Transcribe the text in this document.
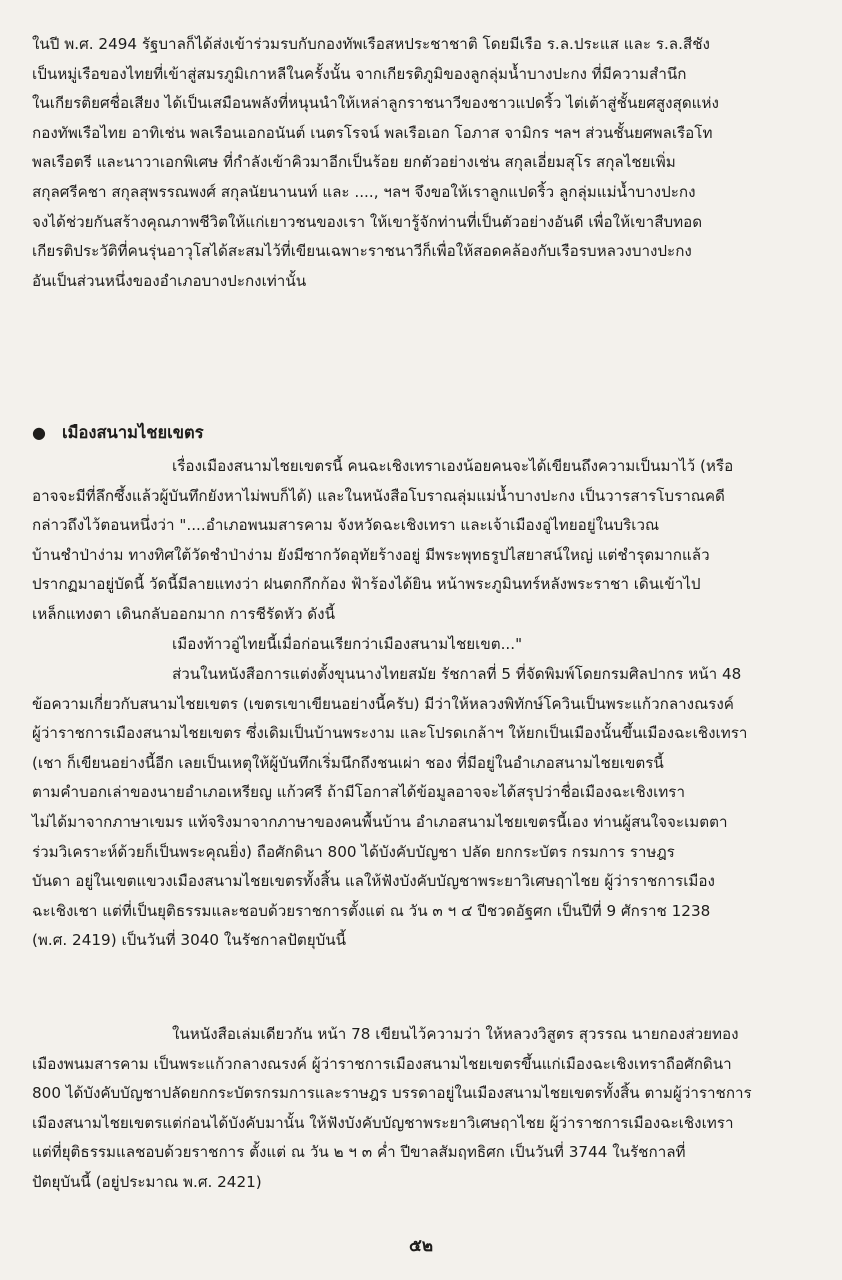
ในปี พ.ศ. 2494 รัฐบาลก็ได้ส่งเข้าร่วมรบกับกองทัพเรือสหประชาชาติ โดยมีเรือ ร.ล.ประแส และ ร.ล.สีชัง
เป็นหมู่เรือของไทยที่เข้าสู่สมรภูมิเกาหลีในครั้งนั้น จากเกียรติภูมิของลูกลุ่มน้ำบางปะกง ที่มีความสำนึก
ในเกียรติยศชื่อเสียง ได้เป็นเสมือนพลังที่หนุนนำให้เหล่าลูกราชนาวีของชาวแปดริ้ว ไต่เต้าสู่ชั้นยศสูงสุดแห่ง
กองทัพเรือไทย อาทิเช่น พลเรือนเอกอนันต์ เนตรโรจน์ พลเรือเอก โอภาส จามิกร ฯลฯ ส่วนชั้นยศพลเรือโท
พลเรือตรี และนาวาเอกพิเศษ ที่กำลังเข้าคิวมาอีกเป็นร้อย ยกตัวอย่างเช่น สกุลเอี่ยมสุโร สกุลไชยเพิ่ม
สกุลศรีคชา สกุลสุพรรณพงศ์ สกุลนัยนานนท์ และ ...., ฯลฯ จึงขอให้เราลูกแปดริ้ว ลูกลุ่มแม่น้ำบางปะกง
จงได้ช่วยกันสร้างคุณภาพชีวิตให้แก่เยาวชนของเรา ให้เขารู้จักท่านที่เป็นตัวอย่างอันดี เพื่อให้เขาสืบทอด
เกียรติประวัติที่คนรุ่นอาวุโสได้สะสมไว้ที่เขียนเฉพาะราชนาวีก็เพื่อให้สอดคล้องกับเรือรบหลวงบางปะกง
อันเป็นส่วนหนึ่งของอำเภอบางปะกงเท่านั้น
● เมืองสนามไชยเขตร
เรื่องเมืองสนามไชยเขตรนี้ คนฉะเชิงเทราเองน้อยคนจะได้เขียนถึงความเป็นมาไว้ (หรือ
อาจจะมีที่ลึกซึ้งแล้วผู้บันทึกยังหาไม่พบก็ได้) และในหนังสือโบราณลุ่มแม่น้ำบางปะกง เป็นวารสารโบราณคดี
กล่าวถึงไว้ตอนหนึ่งว่า "....อำเภอพนมสารคาม จังหวัดฉะเชิงเทรา และเจ้าเมืองอู่ไทยอยู่ในบริเวณ
บ้านชำป่าง่าม ทางทิศใต้วัดชำป่าง่าม ยังมีซากวัดอุทัยร้างอยู่ มีพระพุทธรูปไสยาสน์ใหญ่ แต่ชำรุดมากแล้ว
ปรากฏมาอยู่บัดนี้ วัดนี้มีลายแทงว่า ฝนตกกึกก้อง ฟ้าร้องได้ยิน หน้าพระภูมินทร์หลังพระราชา เดินเข้าไป
เหล็กแทงตา เดินกลับออกมาก การชีรัดหัว ดังนี้
เมืองท้าวอู่ไทยนี้เมื่อก่อนเรียกว่าเมืองสนามไชยเขต..."
ส่วนในหนังสือการแต่งตั้งขุนนางไทยสมัย รัชกาลที่ 5 ที่จัดพิมพ์โดยกรมศิลปากร หน้า 48
ข้อความเกี่ยวกับสนามไชยเขตร (เขตรเขาเขียนอย่างนี้ครับ) มีว่าให้หลวงพิทักษ์โควินเป็นพระแก้วกลางณรงค์
ผู้ว่าราชการเมืองสนามไชยเขตร ซึ่งเดิมเป็นบ้านพระงาม และโปรดเกล้าฯ ให้ยกเป็นเมืองนั้นขึ้นเมืองฉะเชิงเทรา
(เชา ก็เขียนอย่างนี้อีก เลยเป็นเหตุให้ผู้บันทึกเริ่มนึกถึงชนเผ่า ชอง ที่มีอยู่ในอำเภอสนามไชยเขตรนี้
ตามคำบอกเล่าของนายอำเภอเหรียญ แก้วศรี ถ้ามีโอกาสได้ข้อมูลอาจจะได้สรุปว่าชื่อเมืองฉะเชิงเทรา
ไม่ได้มาจากภาษาเขมร แท้จริงมาจากภาษาของคนพื้นบ้าน อำเภอสนามไชยเขตรนี้เอง ท่านผู้สนใจจะเมตตา
ร่วมวิเคราะห์ด้วยก็เป็นพระคุณยิ่ง) ถือศักดินา 800 ได้บังคับบัญชา ปลัด ยกกระบัตร กรมการ ราษฎร
บันดา อยู่ในเขตแขวงเมืองสนามไชยเขตรทั้งสิ้น แลให้ฟังบังคับบัญชาพระยาวิเศษฤาไชย ผู้ว่าราชการเมือง
ฉะเชิงเชา แต่ที่เป็นยุติธรรมและชอบด้วยราชการตั้งแต่ ณ วัน ๓ ฯ ๔ ปีชวดอัฐศก เป็นปีที่ 9 ศักราช 1238
(พ.ศ. 2419) เป็นวันที่ 3040 ในรัชกาลปัตยุบันนี้
ในหนังสือเล่มเดียวกัน หน้า 78 เขียนไว้ความว่า ให้หลวงวิสูตร สุวรรณ นายกองส่วยทอง
เมืองพนมสารคาม เป็นพระแก้วกลางณรงค์ ผู้ว่าราชการเมืองสนามไชยเขตรขึ้นแก่เมืองฉะเชิงเทราถือศักดินา
800 ได้บังคับบัญชาปลัดยกกระบัตรกรมการและราษฎร บรรดาอยู่ในเมืองสนามไชยเขตรทั้งสิ้น ตามผู้ว่าราชการ
เมืองสนามไชยเขตรแต่ก่อนได้บังคับมานั้น ให้ฟังบังคับบัญชาพระยาวิเศษฤาไชย ผู้ว่าราชการเมืองฉะเชิงเทรา
แต่ที่ยุติธรรมแลชอบด้วยราชการ ตั้งแต่ ณ วัน ๒ ฯ ๓ ค่ำ ปีขาลสัมฤทธิศก เป็นวันที่ 3744 ในรัชกาลที่
ปัตยุบันนี้ (อยู่ประมาณ พ.ศ. 2421)
๕๒
